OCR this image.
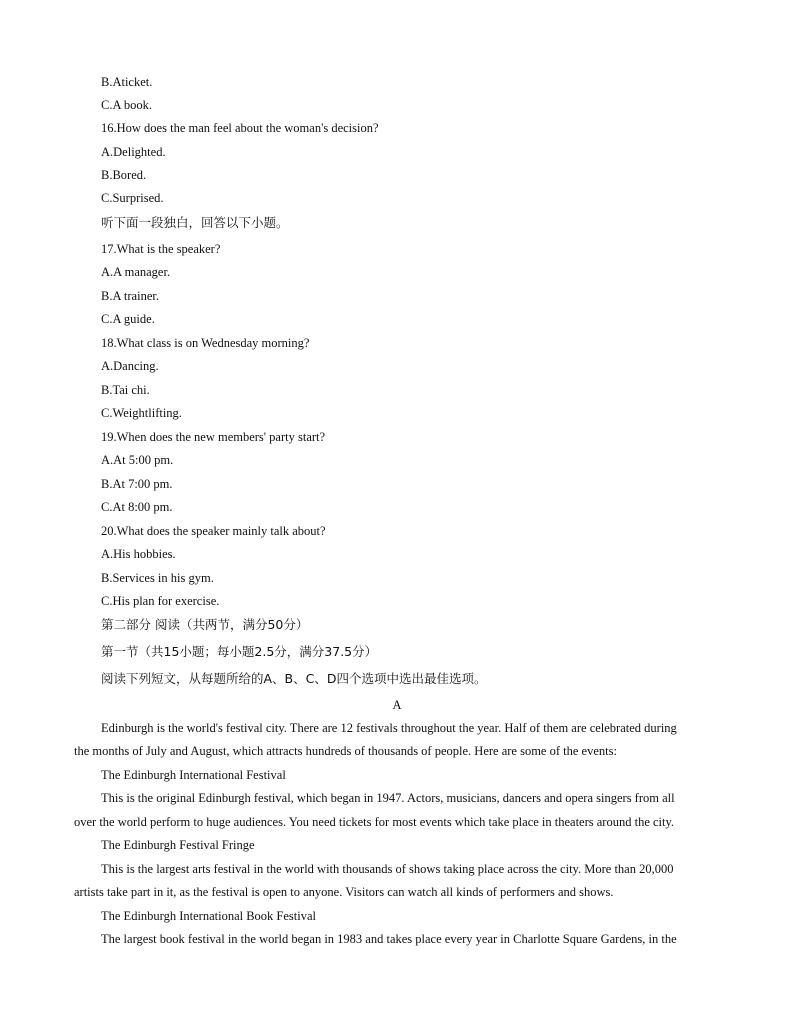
B.Aticket.
C.A book.
16.How does the man feel about the woman's decision?
A.Delighted.
B.Bored.
C.Surprised.
听下面一段独白，回答以下小题。
17.What is the speaker?
A.A manager.
B.A trainer.
C.A guide.
18.What class is on Wednesday morning?
A.Dancing.
B.Tai chi.
C.Weightlifting.
19.When does the new members' party start?
A.At 5:00 pm.
B.At 7:00 pm.
C.At 8:00 pm.
20.What does the speaker mainly talk about?
A.His hobbies.
B.Services in his gym.
C.His plan for exercise.
第二部分 阅读（共两节，满分50分）
第一节（共15小题；每小题2.5分，满分37.5分）
阅读下列短文，从每题所给的A、B、C、D四个选项中选出最佳选项。
A
Edinburgh is the world's festival city. There are 12 festivals throughout the year. Half of them are celebrated during
the months of July and August, which attracts hundreds of thousands of people. Here are some of the events:
The Edinburgh International Festival
This is the original Edinburgh festival, which began in 1947. Actors, musicians, dancers and opera singers from all
over the world perform to huge audiences. You need tickets for most events which take place in theaters around the city.
The Edinburgh Festival Fringe
This is the largest arts festival in the world with thousands of shows taking place across the city. More than 20,000
artists take part in it, as the festival is open to anyone. Visitors can watch all kinds of performers and shows.
The Edinburgh International Book Festival
The largest book festival in the world began in 1983 and takes place every year in Charlotte Square Gardens, in the
